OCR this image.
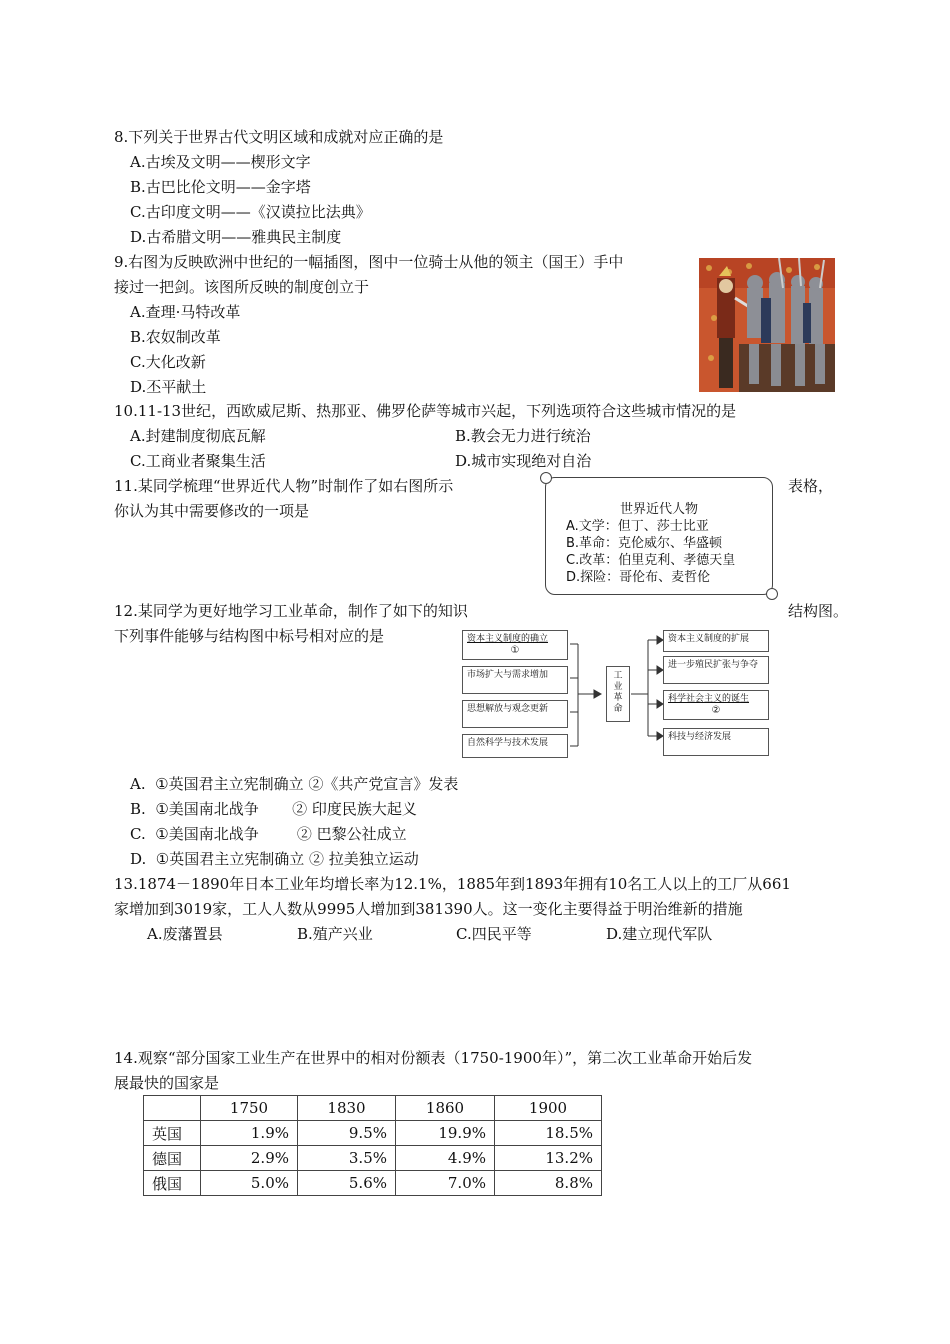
8.下列关于世界古代文明区域和成就对应正确的是
A.古埃及文明——楔形文字
B.古巴比伦文明——金字塔
C.古印度文明——《汉谟拉比法典》
D.古希腊文明——雅典民主制度
9.右图为反映欧洲中世纪的一幅插图，图中一位骑士从他的领主（国王）手中
接过一把剑。该图所反映的制度创立于
A.查理·马特改革
B.农奴制改革
C.大化改新
D.丕平献土
10.11-13世纪，西欧威尼斯、热那亚、佛罗伦萨等城市兴起，下列选项符合这些城市情况的是
A.封建制度彻底瓦解	B.教会无力进行统治
C.工商业者聚集生活	D.城市实现绝对自治
11.某同学梳理“世界近代人物”时制作了如右图所示	表格，
你认为其中需要修改的一项是	世界近代人物
A.文学：但丁、莎士比亚
B.革命：克伦威尔、华盛顿
C.改革：伯里克利、孝德天皇
D.探险：哥伦布、麦哲伦
12.某同学为更好地学习工业革命，制作了如下的知识	结构图。
下列事件能够与结构图中标号相对应的是	资本主义制度的确立
①
市场扩大与需求增加
思想解放与观念更新
自然科学与技术发展
工业革命
资本主义制度的扩展
进一步殖民扩张与争夺
科学社会主义的诞生
②
科技与经济发展
A.  ①英国君主立宪制确立 ②《共产党宣言》发表
B.  ①美国南北战争       ② 印度民族大起义
C.  ①美国南北战争        ② 巴黎公社成立
D.  ①英国君主立宪制确立 ② 拉美独立运动
13.1874－1890年日本工业年均增长率为12.1%，1885年到1893年拥有10名工人以上的工厂从661
家增加到3019家，工人人数从9995人增加到381390人。这一变化主要得益于明治维新的措施
A.废藩置县	B.殖产兴业	C.四民平等	D.建立现代军队
14.观察“部分国家工业生产在世界中的相对份额表（1750-1900年）”，第二次工业革命开始后发
展最快的国家是
	1750	1830	1860	1900
英国	1.9%	9.5%	19.9%	18.5%
德国	2.9%	3.5%	4.9%	13.2%
俄国	5.0%	5.6%	7.0%	8.8%
